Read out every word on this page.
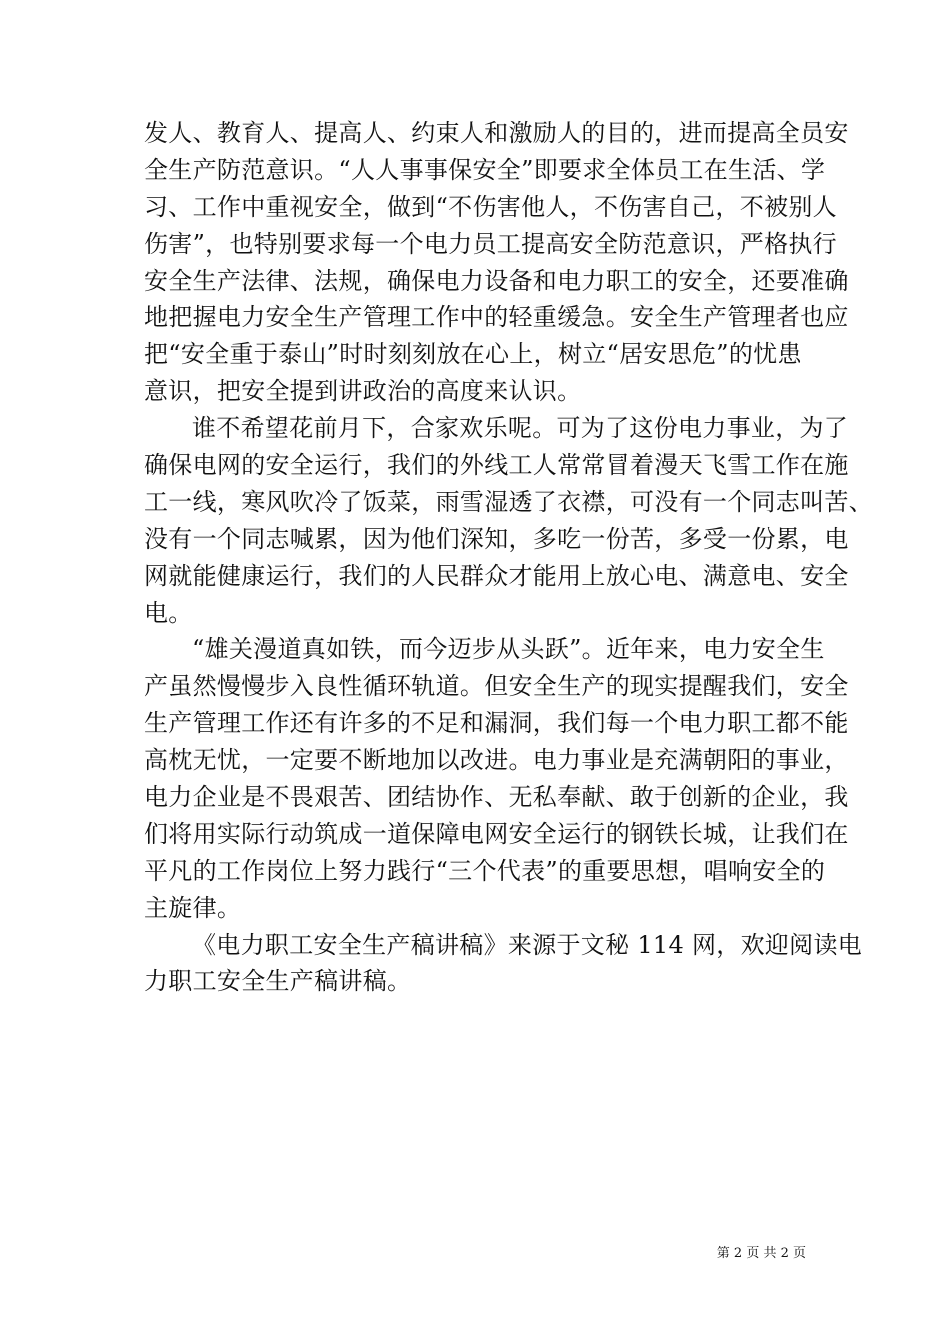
发人、教育人、提高人、约束人和激励人的目的，进而提高全员安
全生产防范意识。“人人事事保安全”即要求全体员工在生活、学
习、工作中重视安全，做到“不伤害他人，不伤害自己，不被别人
伤害”，也特别要求每一个电力员工提高安全防范意识，严格执行
安全生产法律、法规，确保电力设备和电力职工的安全，还要准确
地把握电力安全生产管理工作中的轻重缓急。安全生产管理者也应
把“安全重于泰山”时时刻刻放在心上，树立“居安思危”的忧患
意识，把安全提到讲政治的高度来认识。
谁不希望花前月下，合家欢乐呢。可为了这份电力事业，为了
确保电网的安全运行，我们的外线工人常常冒着漫天飞雪工作在施
工一线，寒风吹冷了饭菜，雨雪湿透了衣襟，可没有一个同志叫苦、
没有一个同志喊累，因为他们深知，多吃一份苦，多受一份累，电
网就能健康运行，我们的人民群众才能用上放心电、满意电、安全
电。
“雄关漫道真如铁，而今迈步从头跃”。近年来，电力安全生
产虽然慢慢步入良性循环轨道。但安全生产的现实提醒我们，安全
生产管理工作还有许多的不足和漏洞，我们每一个电力职工都不能
高枕无忧，一定要不断地加以改进。电力事业是充满朝阳的事业，
电力企业是不畏艰苦、团结协作、无私奉献、敢于创新的企业，我
们将用实际行动筑成一道保障电网安全运行的钢铁长城，让我们在
平凡的工作岗位上努力践行“三个代表”的重要思想，唱响安全的
主旋律。
《电力职工安全生产稿讲稿》来源于文秘 114 网，欢迎阅读电
力职工安全生产稿讲稿。
第 2 页 共 2 页
